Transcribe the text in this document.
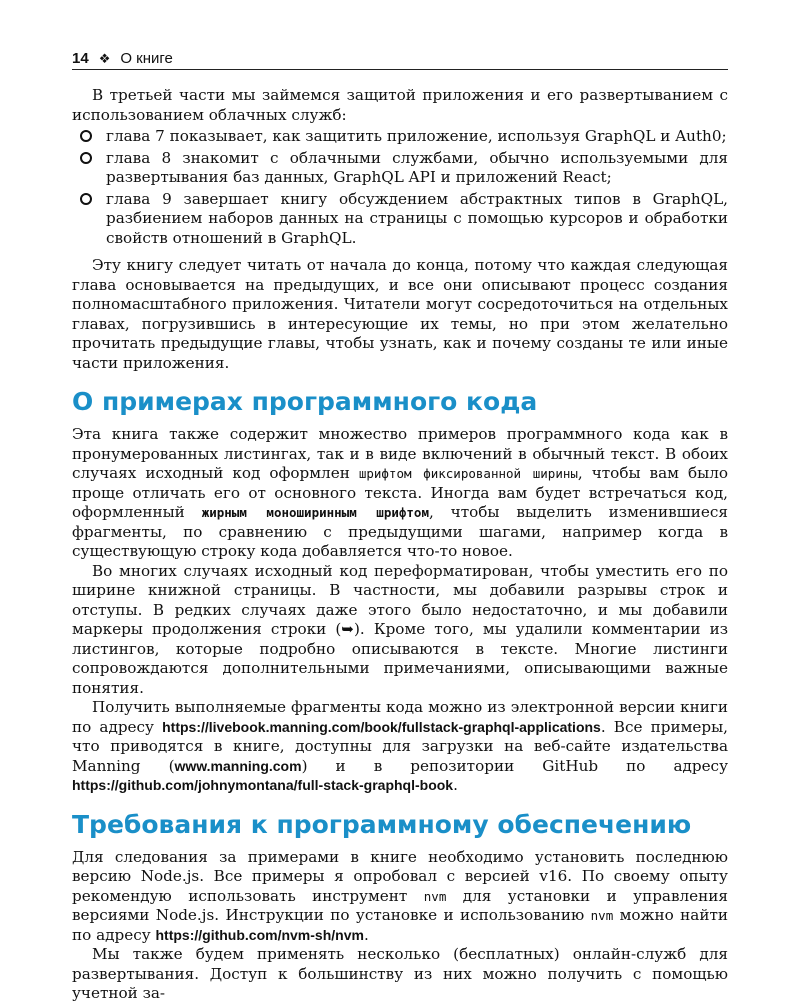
14 ❖ О книге

В третьей части мы займемся защитой приложения и его развертыванием с использованием облачных служб:

глава 7 показывает, как защитить приложение, используя GraphQL и Auth0;
глава 8 знакомит с облачными службами, обычно используемыми для развертывания баз данных, GraphQL API и приложений React;
глава 9 завершает книгу обсуждением абстрактных типов в GraphQL, разбиением наборов данных на страницы с помощью курсоров и обработки свойств отношений в GraphQL.

Эту книгу следует читать от начала до конца, потому что каждая следующая глава основывается на предыдущих, и все они описывают процесс создания полномасштабного приложения. Читатели могут сосредоточиться на отдельных главах, погрузившись в интересующие их темы, но при этом желательно прочитать предыдущие главы, чтобы узнать, как и почему созданы те или иные части приложения.

О примерах программного кода

Эта книга также содержит множество примеров программного кода как в пронумерованных листингах, так и в виде включений в обычный текст. В обоих случаях исходный код оформлен шрифтом фиксированной ширины, чтобы вам было проще отличать его от основного текста. Иногда вам будет встречаться код, оформленный жирным моноширинным шрифтом, чтобы выделить изменившиеся фрагменты, по сравнению с предыдущими шагами, например когда в существующую строку кода добавляется что-то новое.

Во многих случаях исходный код переформатирован, чтобы уместить его по ширине книжной страницы. В частности, мы добавили разрывы строк и отступы. В редких случаях даже этого было недостаточно, и мы добавили маркеры продолжения строки (➥). Кроме того, мы удалили комментарии из листингов, которые подробно описываются в тексте. Многие листинги сопровождаются дополнительными примечаниями, описывающими важные понятия.

Получить выполняемые фрагменты кода можно из электронной версии книги по адресу https://livebook.manning.com/book/fullstack-graphql-applications. Все примеры, что приводятся в книге, доступны для загрузки на веб-сайте издательства Manning (www.manning.com) и в репозитории GitHub по адресу https://github.com/johnymontana/full-stack-graphql-book.

Требования к программному обеспечению

Для следования за примерами в книге необходимо установить последнюю версию Node.js. Все примеры я опробовал с версией v16. По своему опыту рекомендую использовать инструмент nvm для установки и управления версиями Node.js. Инструкции по установке и использованию nvm можно найти по адресу https://github.com/nvm-sh/nvm.

Мы также будем применять несколько (бесплатных) онлайн-служб для развертывания. Доступ к большинству из них можно получить с помощью учетной за-
